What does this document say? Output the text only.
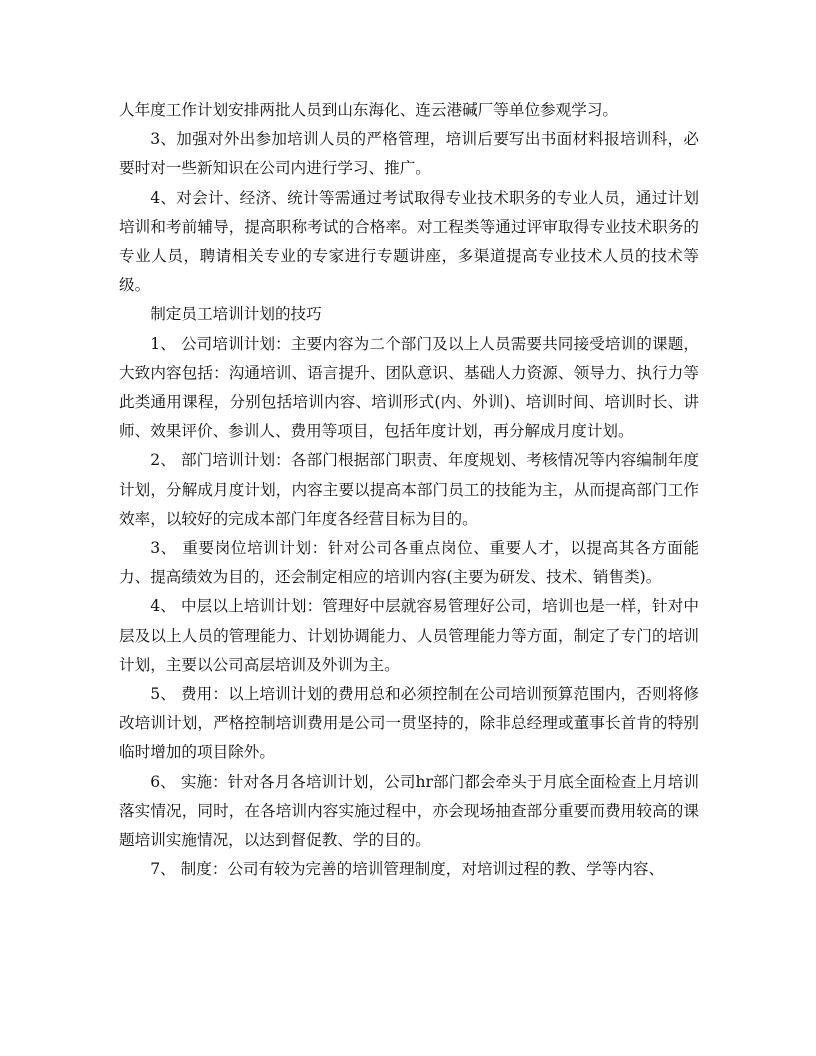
人年度工作计划安排两批人员到山东海化、连云港碱厂等单位参观学习。

3、加强对外出参加培训人员的严格管理，培训后要写出书面材料报培训科，必要时对一些新知识在公司内进行学习、推广。

4、对会计、经济、统计等需通过考试取得专业技术职务的专业人员，通过计划培训和考前辅导，提高职称考试的合格率。对工程类等通过评审取得专业技术职务的专业人员，聘请相关专业的专家进行专题讲座，多渠道提高专业技术人员的技术等级。

制定员工培训计划的技巧

1、 公司培训计划：主要内容为二个部门及以上人员需要共同接受培训的课题，大致内容包括：沟通培训、语言提升、团队意识、基础人力资源、领导力、执行力等此类通用课程，分别包括培训内容、培训形式(内、外训)、培训时间、培训时长、讲师、效果评价、参训人、费用等项目，包括年度计划，再分解成月度计划。

2、 部门培训计划：各部门根据部门职责、年度规划、考核情况等内容编制年度计划，分解成月度计划，内容主要以提高本部门员工的技能为主，从而提高部门工作效率，以较好的完成本部门年度各经营目标为目的。

3、 重要岗位培训计划：针对公司各重点岗位、重要人才，以提高其各方面能力、提高绩效为目的，还会制定相应的培训内容(主要为研发、技术、销售类)。

4、 中层以上培训计划：管理好中层就容易管理好公司，培训也是一样，针对中层及以上人员的管理能力、计划协调能力、人员管理能力等方面，制定了专门的培训计划，主要以公司高层培训及外训为主。

5、 费用：以上培训计划的费用总和必须控制在公司培训预算范围内，否则将修改培训计划，严格控制培训费用是公司一贯坚持的，除非总经理或董事长首肯的特别临时增加的项目除外。

6、 实施：针对各月各培训计划，公司hr部门都会牵头于月底全面检查上月培训落实情况，同时，在各培训内容实施过程中，亦会现场抽查部分重要而费用较高的课题培训实施情况，以达到督促教、学的目的。

7、 制度：公司有较为完善的培训管理制度，对培训过程的教、学等内容、
